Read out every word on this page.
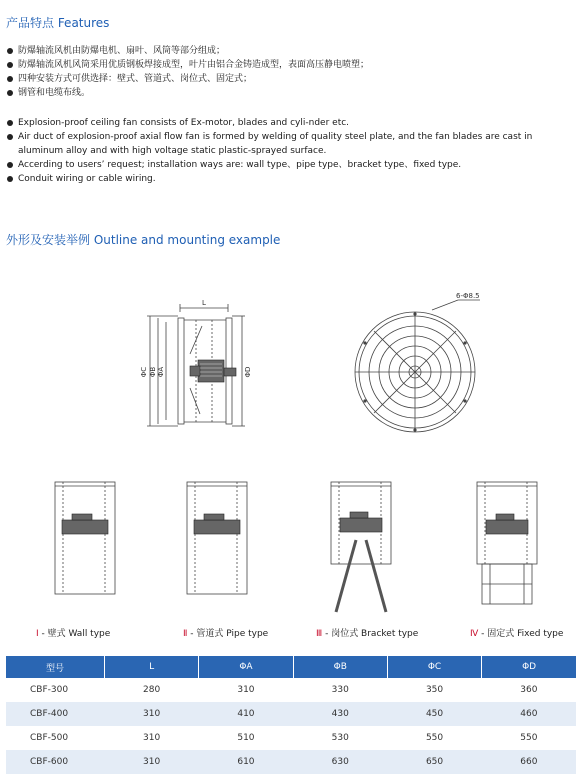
产品特点 Features
防爆轴流风机由防爆电机、扇叶、风筒等部分组成；
防爆轴流风机风筒采用优质钢板焊接成型，叶片由铝合金铸造成型，表面高压静电喷塑；
四种安装方式可供选择：壁式、管道式、岗位式、固定式；
钢管和电缆布线。
Explosion-proof ceiling fan consists of Ex-motor, blades and cyli-nder etc.
Air duct of explosion-proof axial flow fan is formed by welding of quality steel plate, and the fan blades are cast in aluminum alloy and with high voltage static plastic-sprayed surface.
Accerding to users’ request; installation ways are: wall type、pipe type、bracket type、fixed type.
Conduit wiring or cable wiring.
外形及安装举例 Outline and mounting example
L
ΦC ΦB ΦA	ΦD
6-Φ8.5
Ⅰ - 壁式 Wall type	Ⅱ - 管道式 Pipe type	Ⅲ - 岗位式 Bracket type	Ⅳ - 固定式 Fixed type
型号	L	ΦA	ΦB	ΦC	ΦD
CBF-300	280	310	330	350	360
CBF-400	310	410	430	450	460
CBF-500	310	510	530	550	550
CBF-600	310	610	630	650	660
